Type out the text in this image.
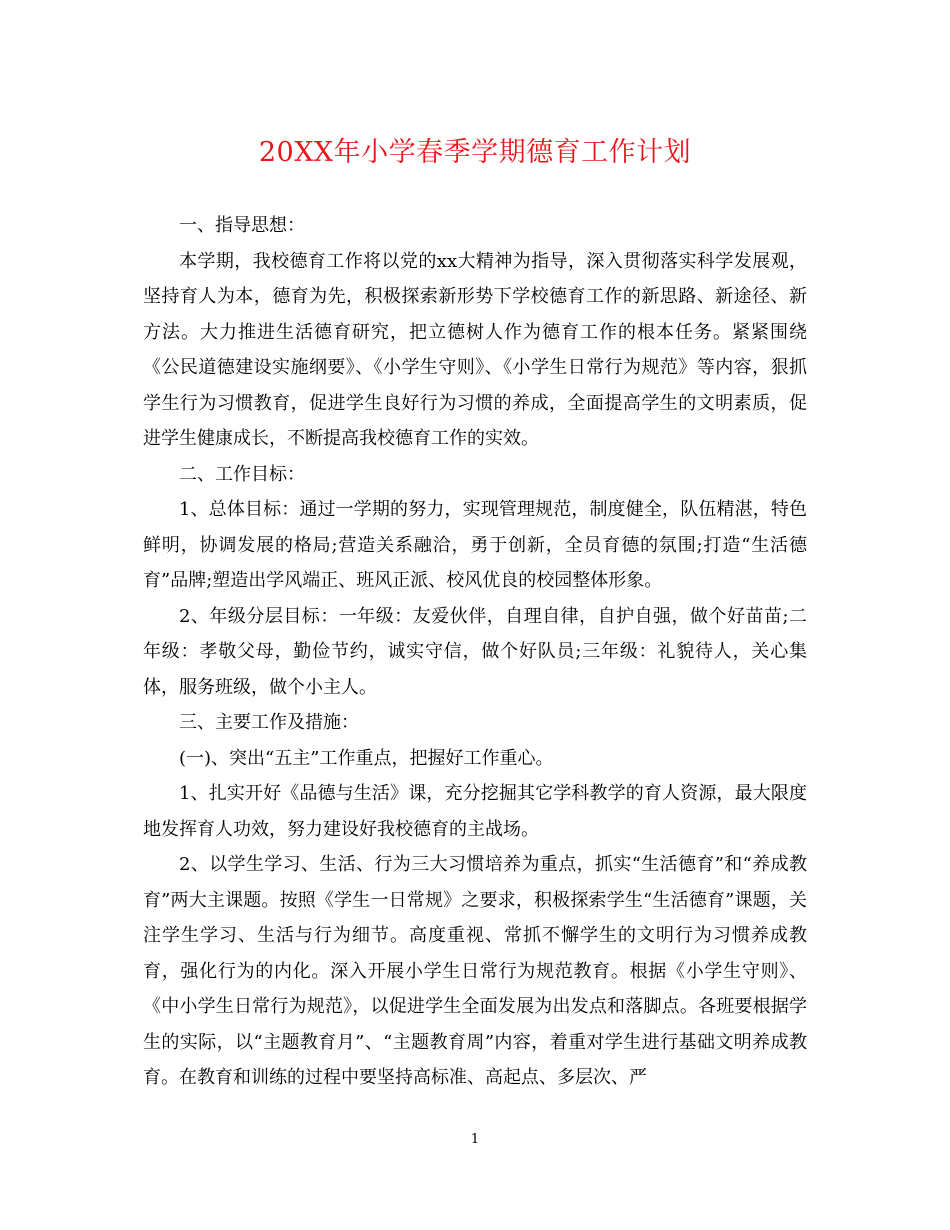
20XX年小学春季学期德育工作计划

一、指导思想：

本学期，我校德育工作将以党的xx大精神为指导，深入贯彻落实科学发展观，坚持育人为本，德育为先，积极探索新形势下学校德育工作的新思路、新途径、新方法。大力推进生活德育研究，把立德树人作为德育工作的根本任务。紧紧围绕《公民道德建设实施纲要》、《小学生守则》、《小学生日常行为规范》等内容，狠抓学生行为习惯教育，促进学生良好行为习惯的养成，全面提高学生的文明素质，促进学生健康成长，不断提高我校德育工作的实效。

二、工作目标：

1、总体目标：通过一学期的努力，实现管理规范，制度健全，队伍精湛，特色鲜明，协调发展的格局;营造关系融洽，勇于创新，全员育德的氛围;打造“生活德育”品牌;塑造出学风端正、班风正派、校风优良的校园整体形象。

2、年级分层目标：一年级：友爱伙伴，自理自律，自护自强，做个好苗苗;二年级：孝敬父母，勤俭节约，诚实守信，做个好队员;三年级：礼貌待人，关心集体，服务班级，做个小主人。

三、主要工作及措施：

(一)、突出“五主”工作重点，把握好工作重心。

1、扎实开好《品德与生活》课，充分挖掘其它学科教学的育人资源，最大限度地发挥育人功效，努力建设好我校德育的主战场。

2、以学生学习、生活、行为三大习惯培养为重点，抓实“生活德育”和“养成教育”两大主课题。按照《学生一日常规》之要求，积极探索学生“生活德育”课题，关注学生学习、生活与行为细节。高度重视、常抓不懈学生的文明行为习惯养成教育，强化行为的内化。深入开展小学生日常行为规范教育。根据《小学生守则》、《中小学生日常行为规范》，以促进学生全面发展为出发点和落脚点。各班要根据学生的实际，以“主题教育月”、“主题教育周”内容，着重对学生进行基础文明养成教育。在教育和训练的过程中要坚持高标准、高起点、多层次、严

1
